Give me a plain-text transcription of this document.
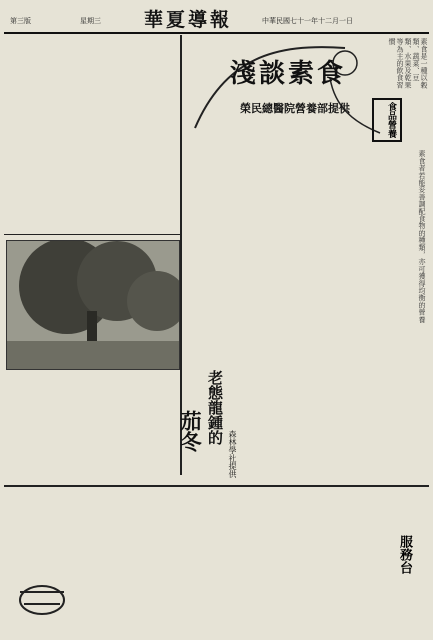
第三版	星期三 華夏導報	中華民國七十一年十二月一日
素食是一種以穀類、蔬菜、豆類、水果及乾果等為主的飲食習慣
素食者若能妥善調配食物的種類，亦可獲得均衡的營養
淺談素食
榮民總醫院營養部提供	食品營養
老態龍鍾的
茄冬	森林學社提供
服務台
